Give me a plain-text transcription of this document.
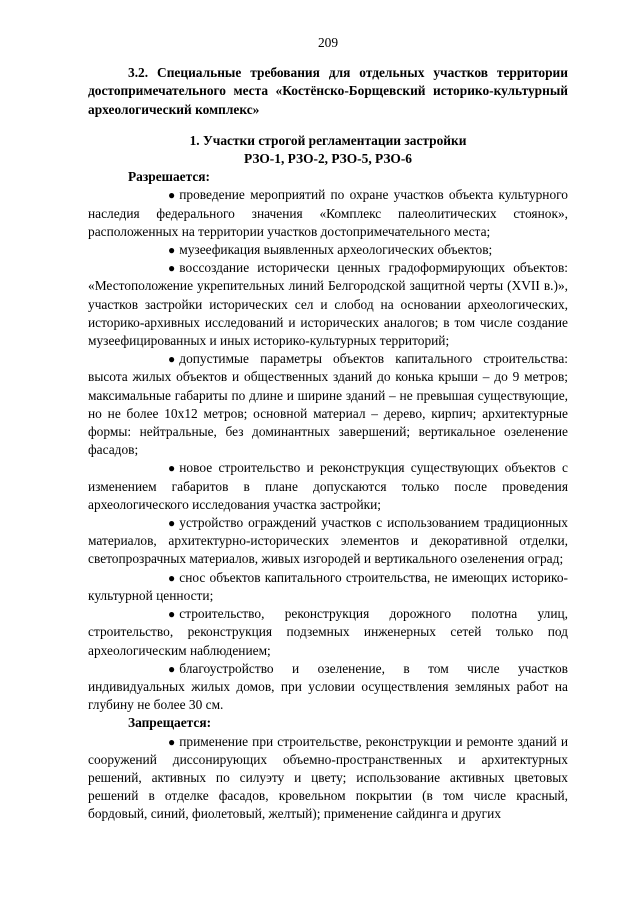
209

3.2. Специальные требования для отдельных участков территории достопримечательного места «Костёнско-Борщевский историко-культурный археологический комплекс»

1. Участки строгой регламентации застройки

РЗО-1, РЗО-2, РЗО-5, РЗО-6

Разрешается:

● проведение мероприятий по охране участков объекта культурного наследия федерального значения «Комплекс палеолитических стоянок», расположенных на территории участков достопримечательного места;

● музеефикация выявленных археологических объектов;

● воссоздание исторически ценных градоформирующих объектов: «Местоположение укрепительных линий Белгородской защитной черты (XVII в.)», участков застройки исторических сел и слобод на основании археологических, историко-архивных исследований и исторических аналогов; в том числе создание музеефицированных и иных историко-культурных территорий;

● допустимые параметры объектов капитального строительства: высота жилых объектов и общественных зданий до конька крыши – до 9 метров; максимальные габариты по длине и ширине зданий – не превышая существующие, но не более 10х12 метров; основной материал – дерево, кирпич; архитектурные формы: нейтральные, без доминантных завершений; вертикальное озеленение фасадов;

● новое строительство и реконструкция существующих объектов с изменением габаритов в плане допускаются только после проведения археологического исследования участка застройки;

● устройство ограждений участков с использованием традиционных материалов, архитектурно-исторических элементов и декоративной отделки, светопрозрачных материалов, живых изгородей и вертикального озеленения оград;

● снос объектов капитального строительства, не имеющих историко-культурной ценности;

● строительство, реконструкция дорожного полотна улиц, строительство, реконструкция подземных инженерных сетей только под археологическим наблюдением;

● благоустройство и озеленение, в том числе участков индивидуальных жилых домов, при условии осуществления земляных работ на глубину не более 30 см.

Запрещается:

● применение при строительстве, реконструкции и ремонте зданий и сооружений диссонирующих объемно-пространственных и архитектурных решений, активных по силуэту и цвету; использование активных цветовых решений в отделке фасадов, кровельном покрытии (в том числе красный, бордовый, синий, фиолетовый, желтый); применение сайдинга и других
